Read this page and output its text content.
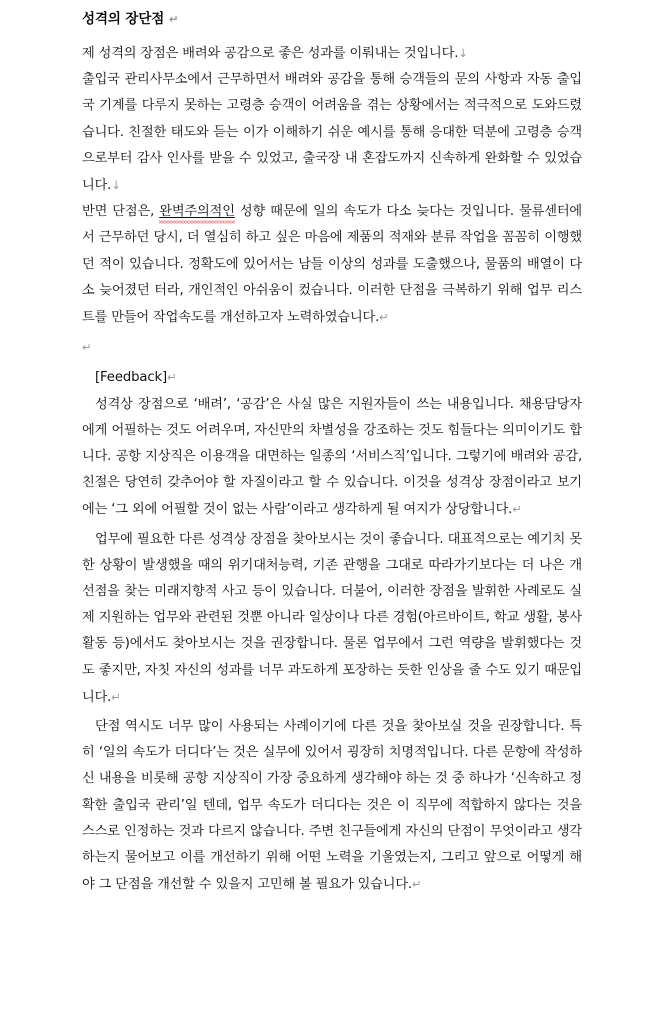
성격의 장단점 ↵

제 성격의 장점은 배려와 공감으로 좋은 성과를 이뤄내는 것입니다.↓

출입국 관리사무소에서 근무하면서 배려와 공감을 통해 승객들의 문의 사항과 자동 출입국 기계를 다루지 못하는 고령층 승객이 어려움을 겪는 상황에서는 적극적으로 도와드렸습니다. 친절한 태도와 듣는 이가 이해하기 쉬운 예시를 통해 응대한 덕분에 고령층 승객으로부터 감사 인사를 받을 수 있었고, 출국장 내 혼잡도까지 신속하게 완화할 수 있었습니다.↓

반면 단점은, 완벽주의적인 성향 때문에 일의 속도가 다소 늦다는 것입니다. 물류센터에서 근무하던 당시, 더 열심히 하고 싶은 마음에 제품의 적재와 분류 작업을 꼼꼼히 이행했던 적이 있습니다. 정확도에 있어서는 남들 이상의 성과를 도출했으나, 물품의 배열이 다소 늦어졌던 터라, 개인적인 아쉬움이 컸습니다. 이러한 단점을 극복하기 위해 업무 리스트를 만들어 작업속도를 개선하고자 노력하였습니다.↵

↵

[Feedback]↵

성격상 장점으로 ‘배려’, ‘공감’은 사실 많은 지원자들이 쓰는 내용입니다. 채용담당자에게 어필하는 것도 어려우며, 자신만의 차별성을 강조하는 것도 힘들다는 의미이기도 합니다. 공항 지상직은 이용객을 대면하는 일종의 ‘서비스직’입니다. 그렇기에 배려와 공감, 친절은 당연히 갖추어야 할 자질이라고 할 수 있습니다. 이것을 성격상 장점이라고 보기에는 ‘그 외에 어필할 것이 없는 사람’이라고 생각하게 될 여지가 상당합니다.↵

업무에 필요한 다른 성격상 장점을 찾아보시는 것이 좋습니다. 대표적으로는 예기치 못한 상황이 발생했을 때의 위기대처능력, 기존 관행을 그대로 따라가기보다는 더 나은 개선점을 찾는 미래지향적 사고 등이 있습니다. 더불어, 이러한 장점을 발휘한 사례로도 실제 지원하는 업무와 관련된 것뿐 아니라 일상이나 다른 경험(아르바이트, 학교 생활, 봉사활동 등)에서도 찾아보시는 것을 권장합니다. 물론 업무에서 그런 역량을 발휘했다는 것도 좋지만, 자칫 자신의 성과를 너무 과도하게 포장하는 듯한 인상을 줄 수도 있기 때문입니다.↵

단점 역시도 너무 많이 사용되는 사례이기에 다른 것을 찾아보실 것을 권장합니다. 특히 ‘일의 속도가 더디다’는 것은 실무에 있어서 굉장히 치명적입니다. 다른 문항에 작성하신 내용을 비롯해 공항 지상직이 가장 중요하게 생각해야 하는 것 중 하나가 ‘신속하고 정확한 출입국 관리’일 텐데, 업무 속도가 더디다는 것은 이 직무에 적합하지 않다는 것을 스스로 인정하는 것과 다르지 않습니다. 주변 친구들에게 자신의 단점이 무엇이라고 생각하는지 물어보고 이를 개선하기 위해 어떤 노력을 기울였는지, 그리고 앞으로 어떻게 해야 그 단점을 개선할 수 있을지 고민해 볼 필요가 있습니다.↵
